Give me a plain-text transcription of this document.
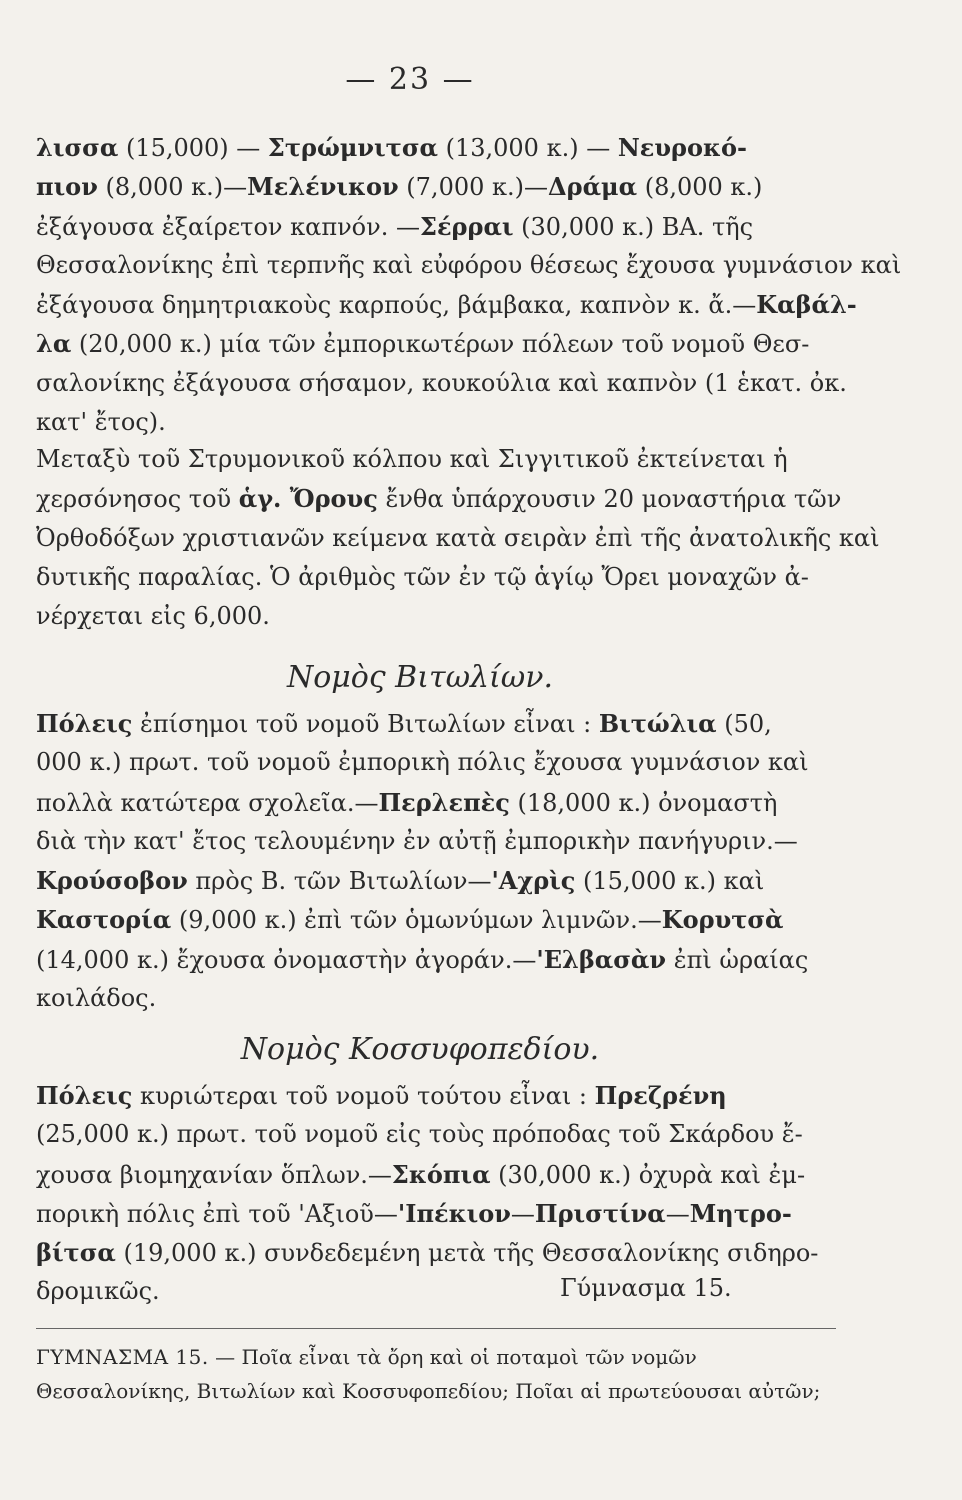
— 23 —
λισσα (15,000) — Στρώμνιτσα (13,000 κ.) — Νευροκό-
πιον (8,000 κ.)—Μελένικον (7,000 κ.)—Δράμα (8,000 κ.)
ἐξάγουσα ἐξαίρετον καπνόν. —Σέρραι (30,000 κ.) ΒΑ. τῆς
Θεσσαλονίκης ἐπὶ τερπνῆς καὶ εὐφόρου θέσεως ἔχουσα γυμνάσιον καὶ
ἐξάγουσα δημητριακοὺς καρπούς, βάμβακα, καπνὸν κ. ἄ.—Καβάλ-
λα (20,000 κ.) μία τῶν ἐμπορικωτέρων πόλεων τοῦ νομοῦ Θεσ-
σαλονίκης ἐξάγουσα σήσαμον, κουκούλια καὶ καπνὸν (1 ἑκατ. ὀκ.
κατ' ἔτος).
Μεταξὺ τοῦ Στρυμονικοῦ κόλπου καὶ Σιγγιτικοῦ ἐκτείνεται ἡ
χερσόνησος τοῦ ἁγ. Ὄρους ἔνθα ὑπάρχουσιν 20 μοναστήρια τῶν
Ὀρθοδόξων χριστιανῶν κείμενα κατὰ σειρὰν ἐπὶ τῆς ἀνατολικῆς καὶ
δυτικῆς παραλίας. Ὁ ἀριθμὸς τῶν ἐν τῷ ἁγίῳ Ὄρει μοναχῶν ἀ-
νέρχεται εἰς 6,000.
Νομὸς Βιτωλίων.
Πόλεις ἐπίσημοι τοῦ νομοῦ Βιτωλίων εἶναι : Βιτώλια (50,
000 κ.) πρωτ. τοῦ νομοῦ ἐμπορικὴ πόλις ἔχουσα γυμνάσιον καὶ
πολλὰ κατώτερα σχολεῖα.—Περλεπὲς (18,000 κ.) ὀνομαστὴ
διὰ τὴν κατ' ἔτος τελουμένην ἐν αὐτῇ ἐμπορικὴν πανήγυριν.—
Κρούσοβον πρὸς Β. τῶν Βιτωλίων—'Αχρὶς (15,000 κ.) καὶ
Καστορία (9,000 κ.) ἐπὶ τῶν ὁμωνύμων λιμνῶν.—Κορυτσὰ
(14,000 κ.) ἔχουσα ὀνομαστὴν ἀγοράν.—'Ελβασὰν ἐπὶ ὡραίας
κοιλάδος.
Νομὸς Κοσσυφοπεδίου.
Πόλεις κυριώτεραι τοῦ νομοῦ τούτου εἶναι : Πρεζρένη
(25,000 κ.) πρωτ. τοῦ νομοῦ εἰς τοὺς πρόποδας τοῦ Σκάρδου ἔ-
χουσα βιομηχανίαν ὅπλων.—Σκόπια (30,000 κ.) ὀχυρὰ καὶ ἐμ-
πορικὴ πόλις ἐπὶ τοῦ 'Αξιοῦ—'Ιπέκιον—Πριστίνα—Μητρο-
βίτσα (19,000 κ.) συνδεδεμένη μετὰ τῆς Θεσσαλονίκης σιδηρο-
δρομικῶς.	Γύμνασμα 15.
ΓΥΜΝΑΣΜΑ 15. — Ποῖα εἶναι τὰ ὄρη καὶ οἱ ποταμοὶ τῶν νομῶν
Θεσσαλονίκης, Βιτωλίων καὶ Κοσσυφοπεδίου; Ποῖαι αἱ πρωτεύουσαι αὐτῶν;
